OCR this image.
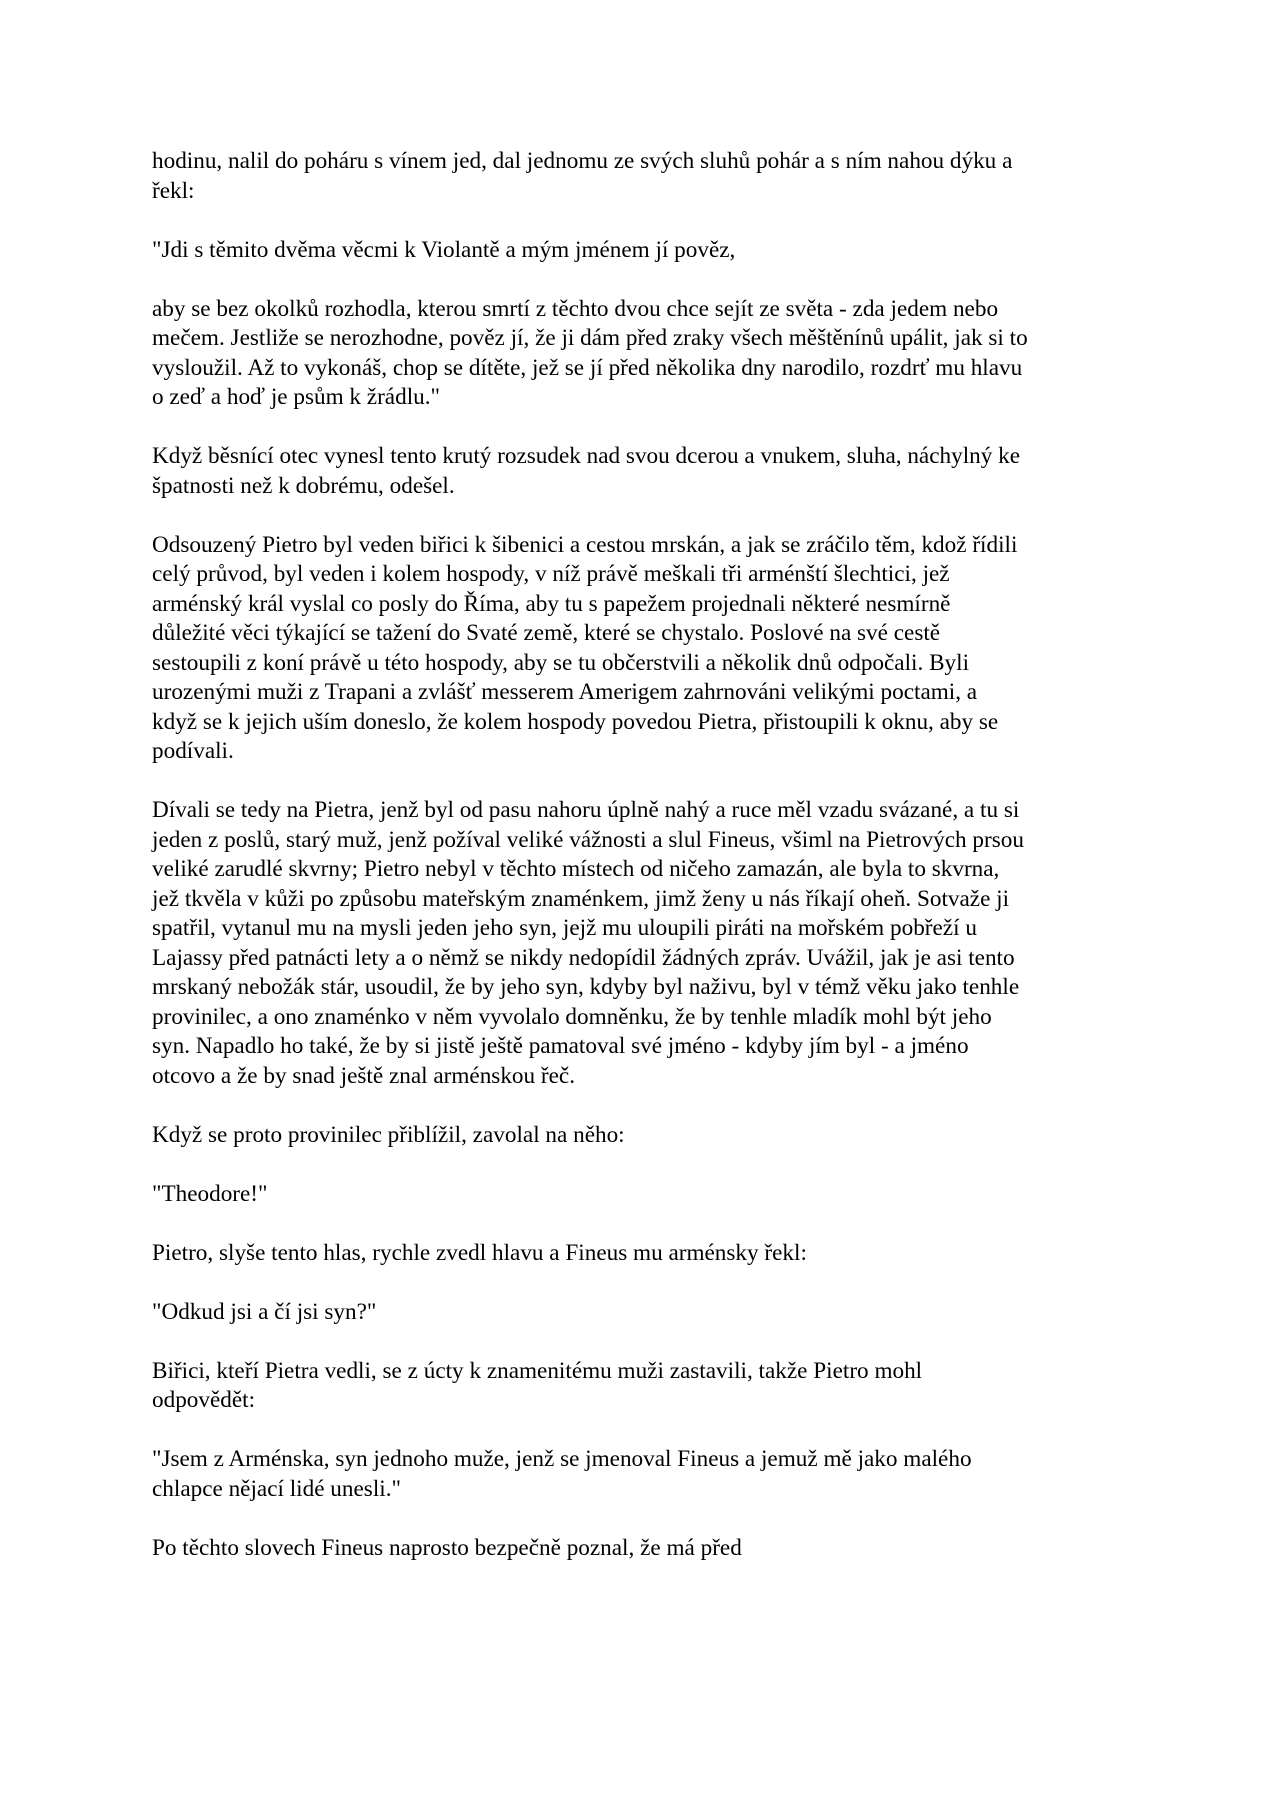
hodinu, nalil do poháru s vínem jed, dal jednomu ze svých sluhů pohár a s ním nahou dýku a
řekl:

"Jdi s těmito dvěma věcmi k Violantě a mým jménem jí pověz,

aby se bez okolků rozhodla, kterou smrtí z těchto dvou chce sejít ze světa - zda jedem nebo
mečem. Jestliže se nerozhodne, pověz jí, že ji dám před zraky všech měštěnínů upálit, jak si to
vysloužil. Až to vykonáš, chop se dítěte, jež se jí před několika dny narodilo, rozdrť mu hlavu
o zeď a hoď je psům k žrádlu."

Když běsnící otec vynesl tento krutý rozsudek nad svou dcerou a vnukem, sluha, náchylný ke
špatnosti než k dobrému, odešel.

Odsouzený Pietro byl veden biřici k šibenici a cestou mrskán, a jak se zráčilo těm, kdož řídili
celý průvod, byl veden i kolem hospody, v níž právě meškali tři arménští šlechtici, jež
arménský král vyslal co posly do Říma, aby tu s papežem projednali některé nesmírně
důležité věci týkající se tažení do Svaté země, které se chystalo. Poslové na své cestě
sestoupili z koní právě u této hospody, aby se tu občerstvili a několik dnů odpočali. Byli
urozenými muži z Trapani a zvlášť messerem Amerigem zahrnováni velikými poctami, a
když se k jejich uším doneslo, že kolem hospody povedou Pietra, přistoupili k oknu, aby se
podívali.

Dívali se tedy na Pietra, jenž byl od pasu nahoru úplně nahý a ruce měl vzadu svázané, a tu si
jeden z poslů, starý muž, jenž požíval veliké vážnosti a slul Fineus, všiml na Pietrových prsou
veliké zarudlé skvrny; Pietro nebyl v těchto místech od ničeho zamazán, ale byla to skvrna,
jež tkvěla v kůži po způsobu mateřským znaménkem, jimž ženy u nás říkají oheň. Sotvaže ji
spatřil, vytanul mu na mysli jeden jeho syn, jejž mu uloupili piráti na mořském pobřeží u
Lajassy před patnácti lety a o němž se nikdy nedopídil žádných zpráv. Uvážil, jak je asi tento
mrskaný nebožák stár, usoudil, že by jeho syn, kdyby byl naživu, byl v témž věku jako tenhle
provinilec, a ono znaménko v něm vyvolalo domněnku, že by tenhle mladík mohl být jeho
syn. Napadlo ho také, že by si jistě ještě pamatoval své jméno - kdyby jím byl - a jméno
otcovo a že by snad ještě znal arménskou řeč.

Když se proto provinilec přiblížil, zavolal na něho:

"Theodore!"

Pietro, slyše tento hlas, rychle zvedl hlavu a Fineus mu arménsky řekl:

"Odkud jsi a čí jsi syn?"

Biřici, kteří Pietra vedli, se z úcty k znamenitému muži zastavili, takže Pietro mohl
odpovědět:

"Jsem z Arménska, syn jednoho muže, jenž se jmenoval Fineus a jemuž mě jako malého
chlapce nějací lidé unesli."

Po těchto slovech Fineus naprosto bezpečně poznal, že má před
